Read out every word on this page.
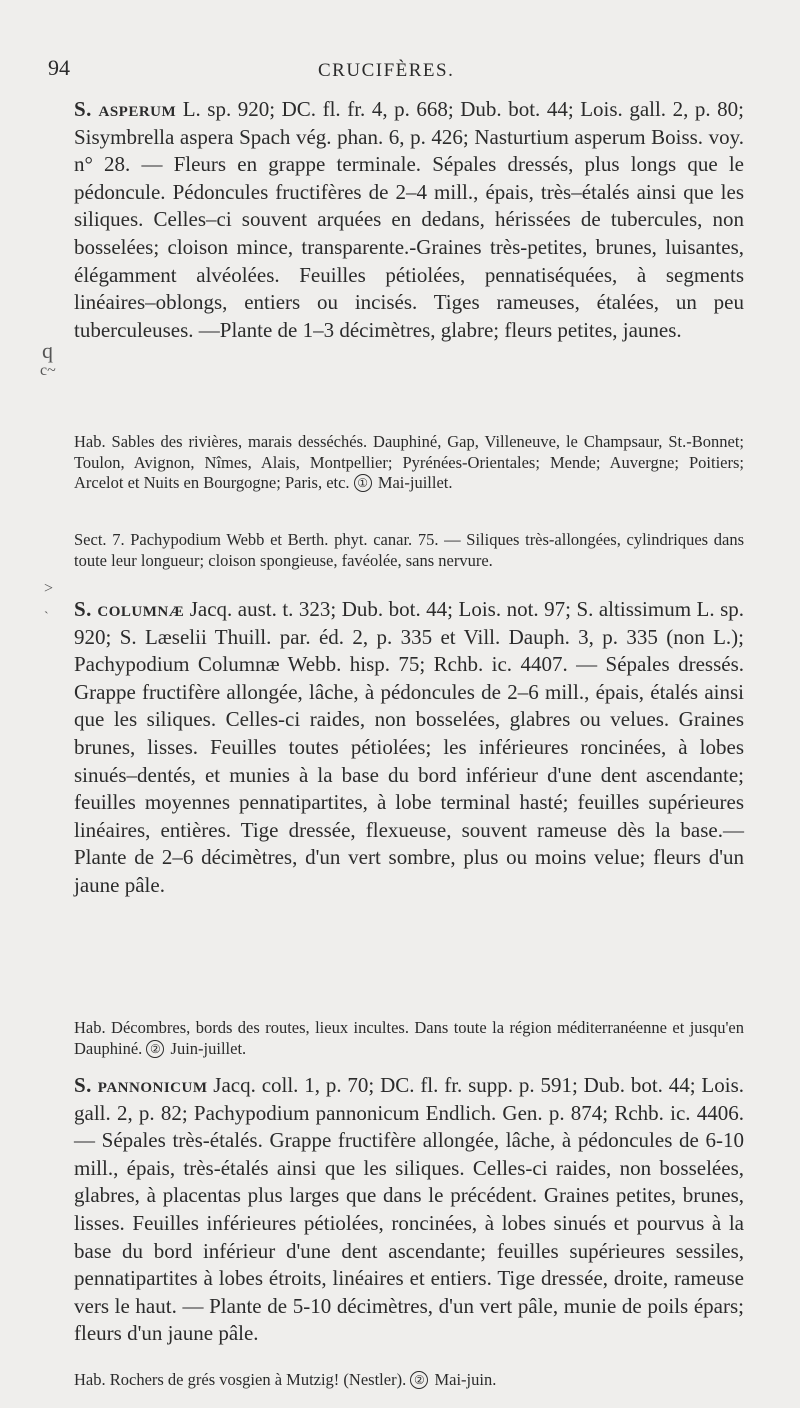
94	CRUCIFÈRES.
q
c~
>
`
S. asperum L. sp. 920; DC. fl. fr. 4, p. 668; Dub. bot. 44; Lois. gall. 2, p. 80; Sisymbrella aspera Spach vég. phan. 6, p. 426; Nasturtium asperum Boiss. voy. n° 28. — Fleurs en grappe terminale. Sépales dressés, plus longs que le pédoncule. Pédoncules fructifères de 2–4 mill., épais, très–étalés ainsi que les siliques. Celles–ci souvent arquées en dedans, hérissées de tubercules, non bosselées; cloison mince, transparente.-Graines très-petites, brunes, luisantes, élégamment alvéolées. Feuilles pétiolées, pennatiséquées, à segments linéaires–oblongs, entiers ou incisés. Tiges rameuses, étalées, un peu tuberculeuses. —Plante de 1–3 décimètres, glabre; fleurs petites, jaunes.
Hab. Sables des rivières, marais desséchés. Dauphiné, Gap, Villeneuve, le Champsaur, St.-Bonnet; Toulon, Avignon, Nîmes, Alais, Montpellier; Pyrénées-Orientales; Mende; Auvergne; Poitiers; Arcelot et Nuits en Bourgogne; Paris, etc. ① Mai-juillet.
Sect. 7. Pachypodium Webb et Berth. phyt. canar. 75. — Siliques très-allongées, cylindriques dans toute leur longueur; cloison spongieuse, favéolée, sans nervure.
S. columnæ Jacq. aust. t. 323; Dub. bot. 44; Lois. not. 97; S. altissimum L. sp. 920; S. Læselii Thuill. par. éd. 2, p. 335 et Vill. Dauph. 3, p. 335 (non L.); Pachypodium Columnæ Webb. hisp. 75; Rchb. ic. 4407. — Sépales dressés. Grappe fructifère allongée, lâche, à pédoncules de 2–6 mill., épais, étalés ainsi que les siliques. Celles-ci raides, non bosselées, glabres ou velues. Graines brunes, lisses. Feuilles toutes pétiolées; les inférieures roncinées, à lobes sinués–dentés, et munies à la base du bord inférieur d'une dent ascendante; feuilles moyennes pennatipartites, à lobe terminal hasté; feuilles supérieures linéaires, entières. Tige dressée, flexueuse, souvent rameuse dès la base.— Plante de 2–6 décimètres, d'un vert sombre, plus ou moins velue; fleurs d'un jaune pâle.
Hab. Décombres, bords des routes, lieux incultes. Dans toute la région méditerranéenne et jusqu'en Dauphiné. ② Juin-juillet.
S. pannonicum Jacq. coll. 1, p. 70; DC. fl. fr. supp. p. 591; Dub. bot. 44; Lois. gall. 2, p. 82; Pachypodium pannonicum Endlich. Gen. p. 874; Rchb. ic. 4406. — Sépales très-étalés. Grappe fructifère allongée, lâche, à pédoncules de 6-10 mill., épais, très-étalés ainsi que les siliques. Celles-ci raides, non bosselées, glabres, à placentas plus larges que dans le précédent. Graines petites, brunes, lisses. Feuilles inférieures pétiolées, roncinées, à lobes sinués et pourvus à la base du bord inférieur d'une dent ascendante; feuilles supérieures sessiles, pennatipartites à lobes étroits, linéaires et entiers. Tige dressée, droite, rameuse vers le haut. — Plante de 5-10 décimètres, d'un vert pâle, munie de poils épars; fleurs d'un jaune pâle.
Hab. Rochers de grés vosgien à Mutzig! (Nestler). ② Mai-juin.
